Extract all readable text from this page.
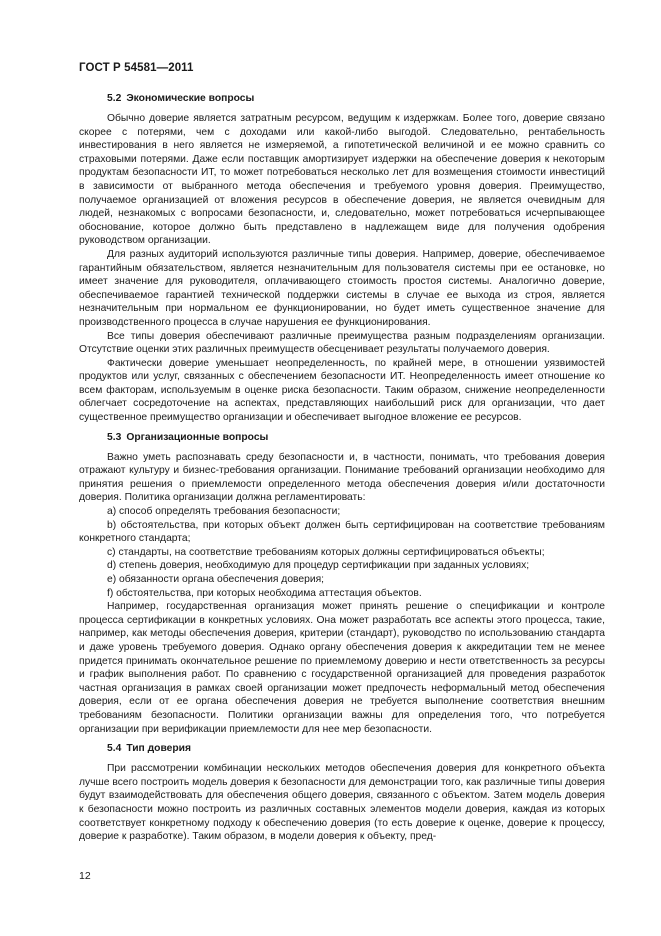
ГОСТ Р 54581—2011
5.2 Экономические вопросы

Обычно доверие является затратным ресурсом, ведущим к издержкам. Более того, доверие связано скорее с потерями, чем с доходами или какой-либо выгодой. Следовательно, рентабельность инвестирования в него является не измеряемой, а гипотетической величиной и ее можно сравнить со страховыми потерями. Даже если поставщик амортизирует издержки на обеспечение доверия к некоторым продуктам безопасности ИТ, то может потребоваться несколько лет для возмещения стоимости инвестиций в зависимости от выбранного метода обеспечения и требуемого уровня доверия. Преимущество, получаемое организацией от вложения ресурсов в обеспечение доверия, не является очевидным для людей, незнакомых с вопросами безопасности, и, следовательно, может потребоваться исчерпывающее обоснование, которое должно быть представлено в надлежащем виде для получения одобрения руководством организации.

Для разных аудиторий используются различные типы доверия. Например, доверие, обеспечиваемое гарантийным обязательством, является незначительным для пользователя системы при ее остановке, но имеет значение для руководителя, оплачивающего стоимость простоя системы. Аналогично доверие, обеспечиваемое гарантией технической поддержки системы в случае ее выхода из строя, является незначительным при нормальном ее функционировании, но будет иметь существенное значение для производственного процесса в случае нарушения ее функционирования.

Все типы доверия обеспечивают различные преимущества разным подразделениям организации. Отсутствие оценки этих различных преимуществ обесценивает результаты получаемого доверия.

Фактически доверие уменьшает неопределенность, по крайней мере, в отношении уязвимостей продуктов или услуг, связанных с обеспечением безопасности ИТ. Неопределенность имеет отношение ко всем факторам, используемым в оценке риска безопасности. Таким образом, снижение неопределенности облегчает сосредоточение на аспектах, представляющих наибольший риск для организации, что дает существенное преимущество организации и обеспечивает выгодное вложение ее ресурсов.

5.3 Организационные вопросы

Важно уметь распознавать среду безопасности и, в частности, понимать, что требования доверия отражают культуру и бизнес-требования организации. Понимание требований организации необходимо для принятия решения о приемлемости определенного метода обеспечения доверия и/или достаточности доверия. Политика организации должна регламентировать:

a) способ определять требования безопасности;

b) обстоятельства, при которых объект должен быть сертифицирован на соответствие требованиям конкретного стандарта;

c) стандарты, на соответствие требованиям которых должны сертифицироваться объекты;

d) степень доверия, необходимую для процедур сертификации при заданных условиях;

e) обязанности органа обеспечения доверия;

f) обстоятельства, при которых необходима аттестация объектов.

Например, государственная организация может принять решение о спецификации и контроле процесса сертификации в конкретных условиях. Она может разработать все аспекты этого процесса, такие, например, как методы обеспечения доверия, критерии (стандарт), руководство по использованию стандарта и даже уровень требуемого доверия. Однако органу обеспечения доверия к аккредитации тем не менее придется принимать окончательное решение по приемлемому доверию и нести ответственность за ресурсы и график выполнения работ. По сравнению с государственной организацией для проведения разработок частная организация в рамках своей организации может предпочесть неформальный метод обеспечения доверия, если от ее органа обеспечения доверия не требуется выполнение соответствия внешним требованиям безопасности. Политики организации важны для определения того, что потребуется организации при верификации приемлемости для нее мер безопасности.

5.4 Тип доверия

При рассмотрении комбинации нескольких методов обеспечения доверия для конкретного объекта лучше всего построить модель доверия к безопасности для демонстрации того, как различные типы доверия будут взаимодействовать для обеспечения общего доверия, связанного с объектом. Затем модель доверия к безопасности можно построить из различных составных элементов модели доверия, каждая из которых соответствует конкретному подходу к обеспечению доверия (то есть доверие к оценке, доверие к процессу, доверие к разработке). Таким образом, в модели доверия к объекту, пред-

12
